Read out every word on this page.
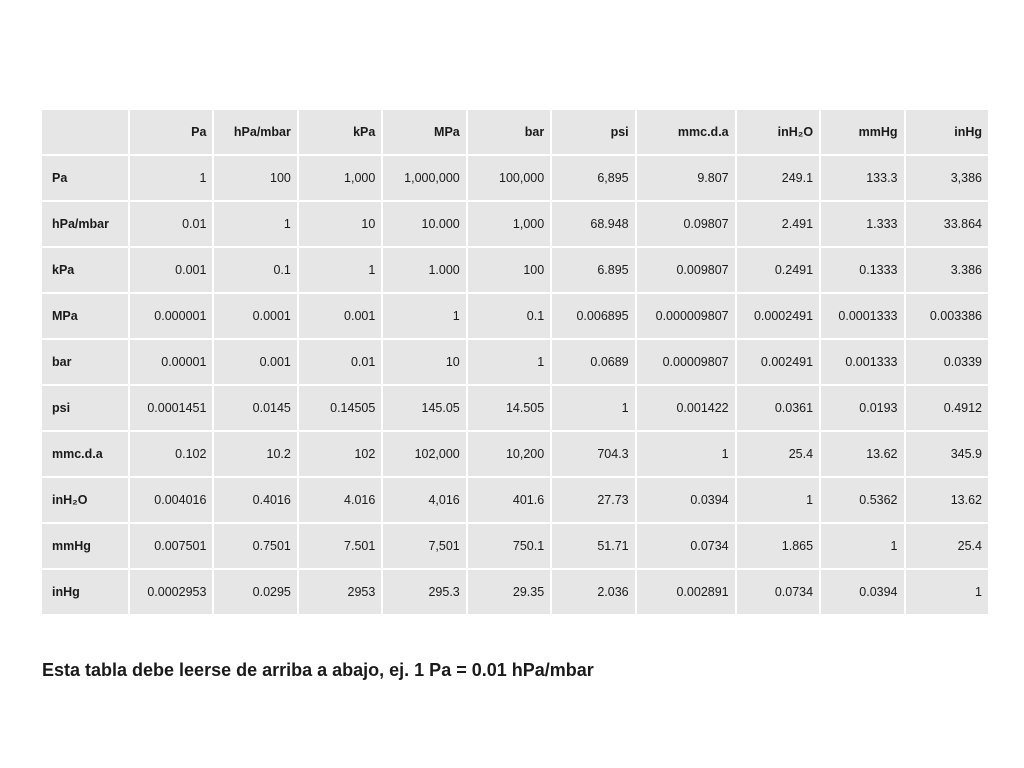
	Pa	hPa/mbar	kPa	MPa	bar	psi	mmc.d.a	inH₂O	mmHg	inHg
Pa	1	100	1,000	1,000,000	100,000	6,895	9.807	249.1	133.3	3,386
hPa/mbar	0.01	1	10	10.000	1,000	68.948	0.09807	2.491	1.333	33.864
kPa	0.001	0.1	1	1.000	100	6.895	0.009807	0.2491	0.1333	3.386
MPa	0.000001	0.0001	0.001	1	0.1	0.006895	0.000009807	0.0002491	0.0001333	0.003386
bar	0.00001	0.001	0.01	10	1	0.0689	0.00009807	0.002491	0.001333	0.0339
psi	0.0001451	0.0145	0.14505	145.05	14.505	1	0.001422	0.0361	0.0193	0.4912
mmc.d.a	0.102	10.2	102	102,000	10,200	704.3	1	25.4	13.62	345.9
inH₂O	0.004016	0.4016	4.016	4,016	401.6	27.73	0.0394	1	0.5362	13.62
mmHg	0.007501	0.7501	7.501	7,501	750.1	51.71	0.0734	1.865	1	25.4
inHg	0.0002953	0.0295	2953	295.3	29.35	2.036	0.002891	0.0734	0.0394	1
Esta tabla debe leerse de arriba a abajo, ej. 1 Pa = 0.01 hPa/mbar
